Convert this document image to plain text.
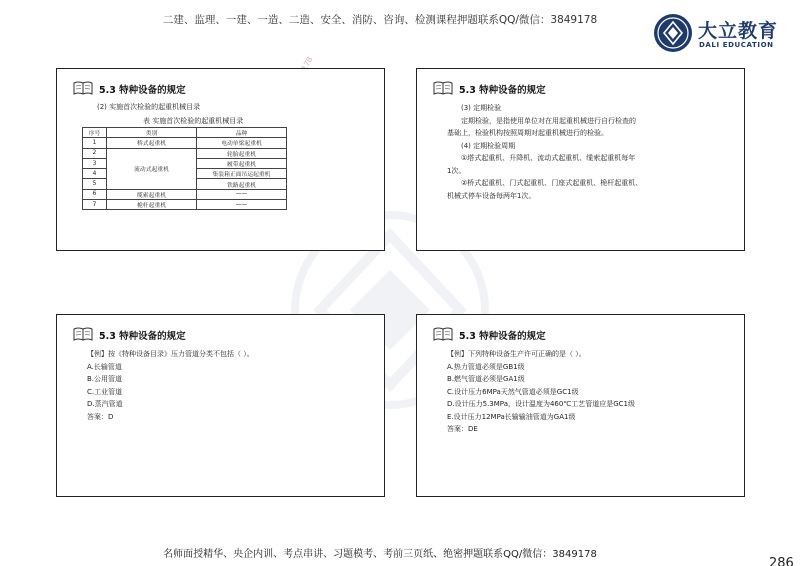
二建、监理、一建、一造、二造、安全、消防、咨询、检测课程押题联系QQ/微信：3849178	大立教育
DALI EDUCATION
5.3 特种设备的规定
(2) 实施首次检验的起重机械目录
表 实施首次检验的起重机械目录
序号	类别	品种
1	桥式起重机	电动单梁起重机
2	流动式起重机	轮胎起重机
3		履带起重机
4		集装箱正面吊运起重机
5		铁路起重机
6	缆索起重机	——
7	桅杆起重机	——
5.3 特种设备的规定

(3) 定期检验

定期检验，是指使用单位对在用起重机械进行自行检查的

基础上，检验机构按照周期对起重机械进行的检验。

(4) 定期检验周期

①塔式起重机、升降机、流动式起重机、缆索起重机每年

1次。

②桥式起重机、门式起重机、门座式起重机、桅杆起重机、

机械式停车设备每两年1次。

5.3 特种设备的规定

【例】按《特种设备目录》压力管道分类不包括（ ）。

A.长输管道

B.公用管道

C.工业管道

D.蒸汽管道

答案：D

5.3 特种设备的规定

【例】下列特种设备生产许可正确的是（ ）。

A.热力管道必须是GB1级

B.燃气管道必须是GA1级

C.设计压力6MPa天然气管道必须是GC1级

D.设计压力5.3MPa，设计温度为460℃工艺管道应是GC1级

E.设计压力12MPa长输输油管道为GA1级

答案：DE

名师面授精华、央企内训、考点串讲、习题模考、考前三页纸、绝密押题联系QQ/微信：3849178
286
